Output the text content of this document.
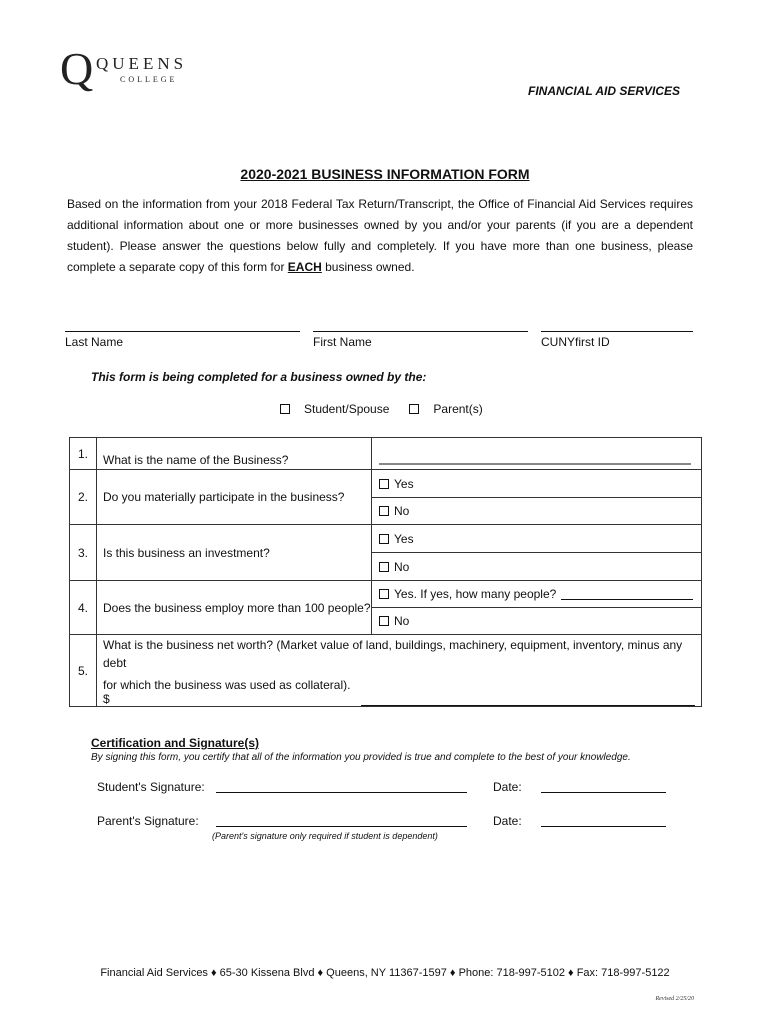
Q QUEENS
COLLEGE
FINANCIAL AID SERVICES
2020-2021 BUSINESS INFORMATION FORM
Based on the information from your 2018 Federal Tax Return/Transcript, the Office of Financial Aid Services requires additional information about one or more businesses owned by you and/or your parents (if you are a dependent student). Please answer the questions below fully and completely. If you have more than one business, please complete a separate copy of this form for EACH business owned.
Last Name	First Name	CUNYfirst ID
This form is being completed for a business owned by the:
Student/Spouse	Parent(s)
1.	What is the name of the Business?	

2.	Do you materially participate in the business?	Yes

		No

3.	Is this business an investment?	Yes

		No

4.	Does the business employ more than 100 people?	Yes. If yes, how many people?

		No

5.	What is the business net worth? (Market value of land, buildings, machinery, equipment, inventory, minus any debt
for which the business was used as collateral). $	
Certification and Signature(s)
By signing this form, you certify that all of the information you provided is true and complete to the best of your knowledge.
Student's Signature:	Date:
Parent's Signature:	Date:
(Parent's signature only required if student is dependent)
Financial Aid Services ♦ 65-30 Kissena Blvd ♦ Queens, NY 11367-1597 ♦ Phone: 718-997-5102 ♦ Fax: 718-997-5122
Revised 2/25/20
